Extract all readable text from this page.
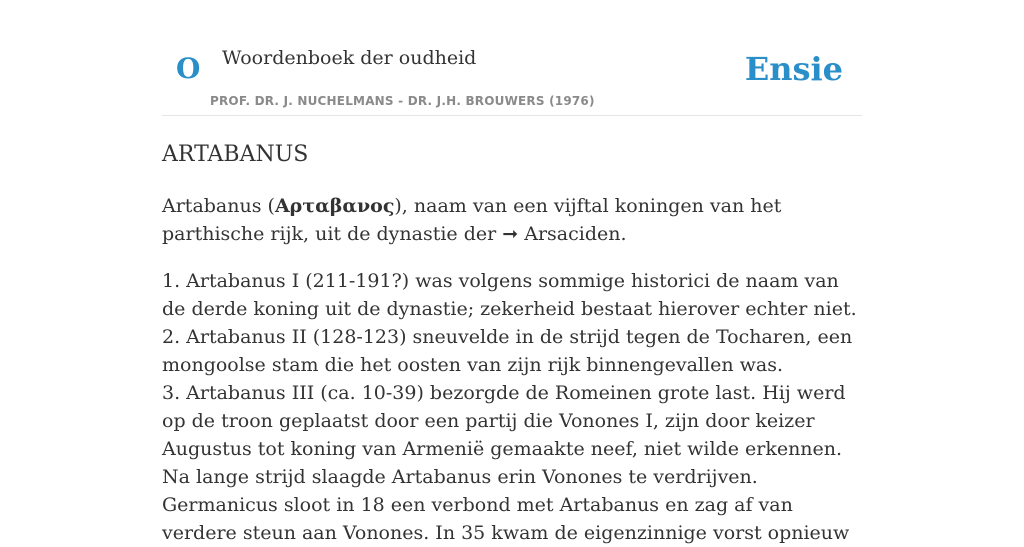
O Woordenboek der oudheid
PROF. DR. J. NUCHELMANS - DR. J.H. BROUWERS (1976)
Ensie
ARTABANUS

Artabanus (Αρταβανος), naam van een vijftal koningen van het parthische rijk, uit de dynastie der ➞ Arsaciden.

1. Artabanus I (211-191?) was volgens sommige historici de naam van de derde koning uit de dynastie; zekerheid bestaat hierover echter niet.
2. Artabanus II (128-123) sneuvelde in de strijd tegen de Tocharen, een mongoolse stam die het oosten van zijn rijk binnengevallen was.
3. Artabanus III (ca. 10-39) bezorgde de Romeinen grote last. Hij werd op de troon geplaatst door een partij die Vonones I, zijn door keizer Augustus tot koning van Armenië gemaakte neef, niet wilde erkennen. Na lange strijd slaagde Artabanus erin Vonones te verdrijven. Germanicus sloot in 18 een verbond met Artabanus en zag af van verdere steun aan Vonones. In 35 kwam de eigenzinnige vorst opnieuw
